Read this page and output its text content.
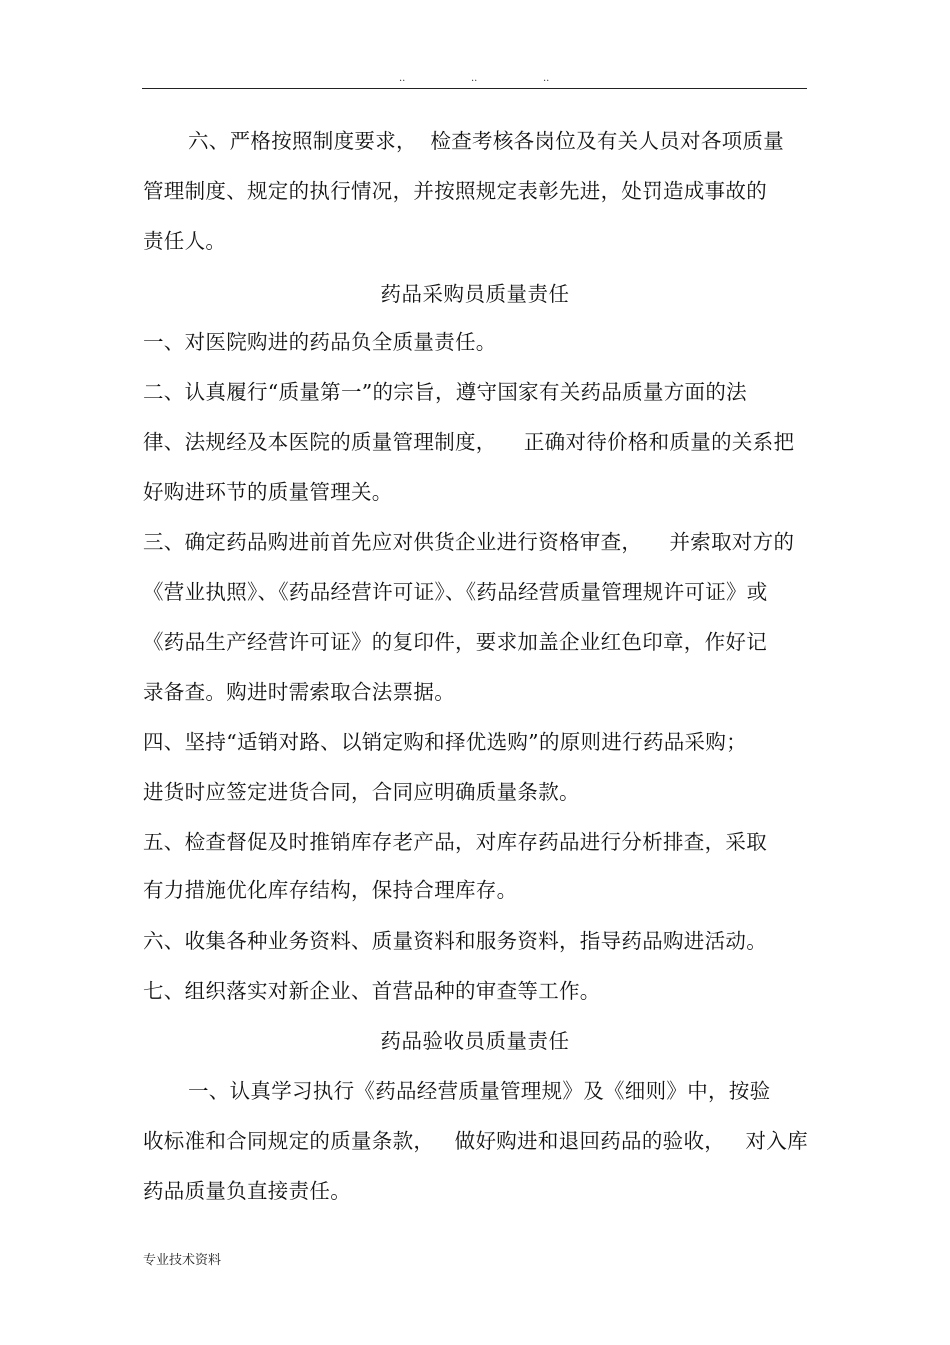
..	..	..
六、严格按照制度要求，  检查考核各岗位及有关人员对各项质量
管理制度、规定的执行情况，并按照规定表彰先进，处罚造成事故的
责任人。
药品采购员质量责任
一、对医院购进的药品负全质量责任。
二、认真履行“质量第一”的宗旨，遵守国家有关药品质量方面的法
律、法规经及本医院的质量管理制度，    正确对待价格和质量的关系把
好购进环节的质量管理关。
三、确定药品购进前首先应对供货企业进行资格审查，    并索取对方的
《营业执照》、《药品经营许可证》、《药品经营质量管理规许可证》或
《药品生产经营许可证》的复印件，要求加盖企业红色印章，作好记
录备查。购进时需索取合法票据。
四、坚持“适销对路、以销定购和择优选购”的原则进行药品采购；
进货时应签定进货合同，合同应明确质量条款。
五、检查督促及时推销库存老产品，对库存药品进行分析排查，采取
有力措施优化库存结构，保持合理库存。
六、收集各种业务资料、质量资料和服务资料，指导药品购进活动。
七、组织落实对新企业、首营品种的审查等工作。
药品验收员质量责任
一、认真学习执行《药品经营质量管理规》及《细则》中，按验
收标准和合同规定的质量条款，   做好购进和退回药品的验收，   对入库
药品质量负直接责任。
专业技术资料
